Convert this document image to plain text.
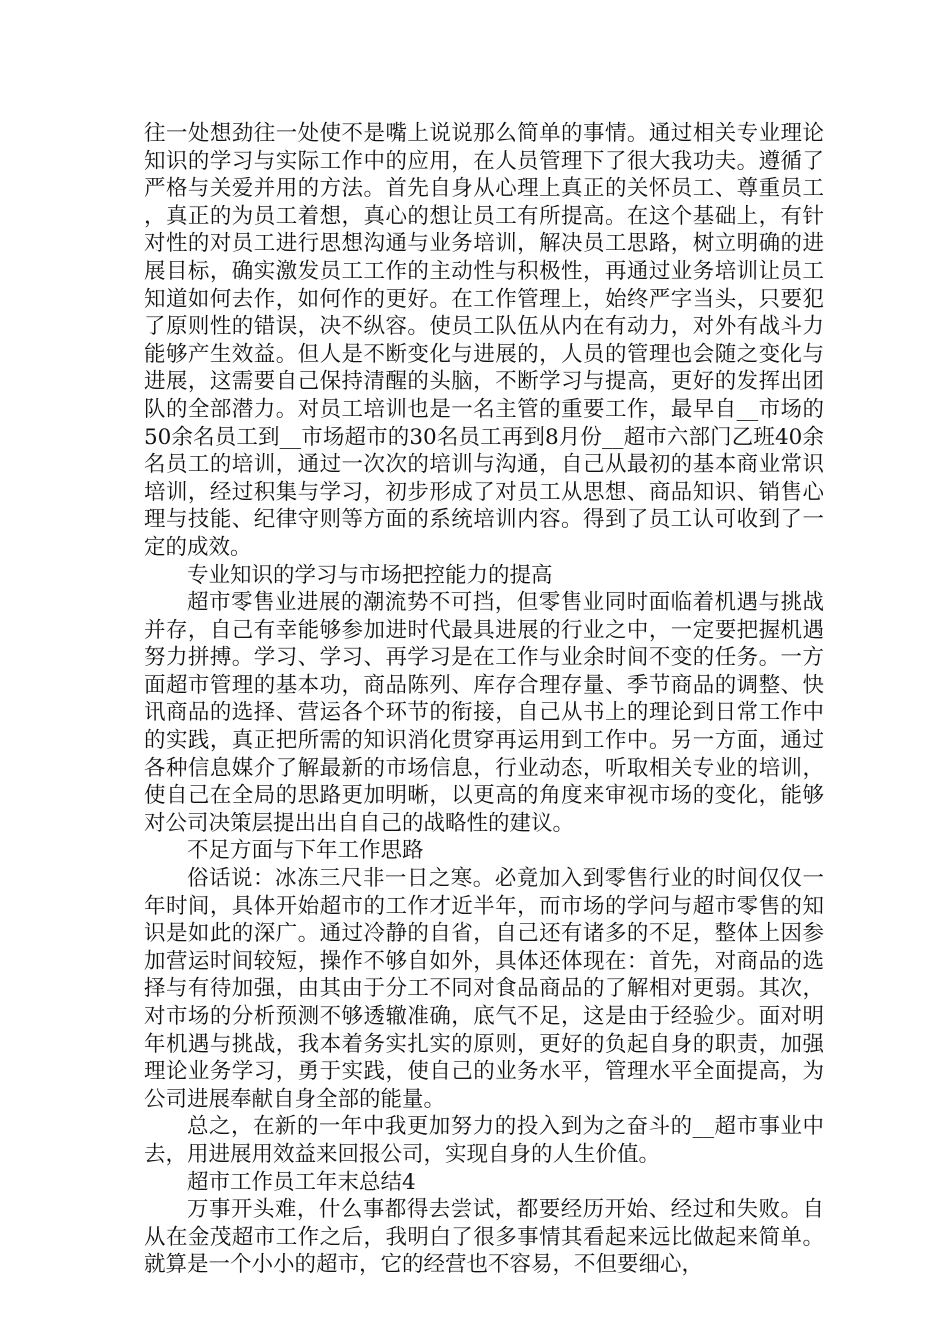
往一处想劲往一处使不是嘴上说说那么简单的事情。通过相关专业理论知识的学习与实际工作中的应用，在人员管理下了很大我功夫。遵循了严格与关爱并用的方法。首先自身从心理上真正的关怀员工、尊重员工，真正的为员工着想，真心的想让员工有所提高。在这个基础上，有针对性的对员工进行思想沟通与业务培训，解决员工思路，树立明确的进展目标，确实激发员工工作的主动性与积极性，再通过业务培训让员工知道如何去作，如何作的更好。在工作管理上，始终严字当头，只要犯了原则性的错误，决不纵容。使员工队伍从内在有动力，对外有战斗力能够产生效益。但人是不断变化与进展的，人员的管理也会随之变化与进展，这需要自己保持清醒的头脑，不断学习与提高，更好的发挥出团队的全部潜力。对员工培训也是一名主管的重要工作，最早自__市场的50余名员工到__市场超市的30名员工再到8月份__超市六部门乙班40余名员工的培训，通过一次次的培训与沟通，自己从最初的基本商业常识培训，经过积集与学习，初步形成了对员工从思想、商品知识、销售心理与技能、纪律守则等方面的系统培训内容。得到了员工认可收到了一定的成效。

专业知识的学习与市场把控能力的提高

超市零售业进展的潮流势不可挡，但零售业同时面临着机遇与挑战并存，自己有幸能够参加进时代最具进展的行业之中，一定要把握机遇努力拼搏。学习、学习、再学习是在工作与业余时间不变的任务。一方面超市管理的基本功，商品陈列、库存合理存量、季节商品的调整、快讯商品的选择、营运各个环节的衔接，自己从书上的理论到日常工作中的实践，真正把所需的知识消化贯穿再运用到工作中。另一方面，通过各种信息媒介了解最新的市场信息，行业动态，听取相关专业的培训，使自己在全局的思路更加明晰，以更高的角度来审视市场的变化，能够对公司决策层提出出自自己的战略性的建议。

不足方面与下年工作思路

俗话说：冰冻三尺非一日之寒。必竟加入到零售行业的时间仅仅一年时间，具体开始超市的工作才近半年，而市场的学问与超市零售的知识是如此的深广。通过冷静的自省，自己还有诸多的不足，整体上因参加营运时间较短，操作不够自如外，具体还体现在：首先，对商品的选择与有待加强，由其由于分工不同对食品商品的了解相对更弱。其次，对市场的分析预测不够透辙准确，底气不足，这是由于经验少。面对明年机遇与挑战，我本着务实扎实的原则，更好的负起自身的职责，加强理论业务学习，勇于实践，使自己的业务水平，管理水平全面提高，为公司进展奉献自身全部的能量。

总之，在新的一年中我更加努力的投入到为之奋斗的__超市事业中去，用进展用效益来回报公司，实现自身的人生价值。

超市工作员工年末总结4

万事开头难，什么事都得去尝试，都要经历开始、经过和失败。自从在金茂超市工作之后，我明白了很多事情其看起来远比做起来简单。就算是一个小小的超市，它的经营也不容易，不但要细心，
